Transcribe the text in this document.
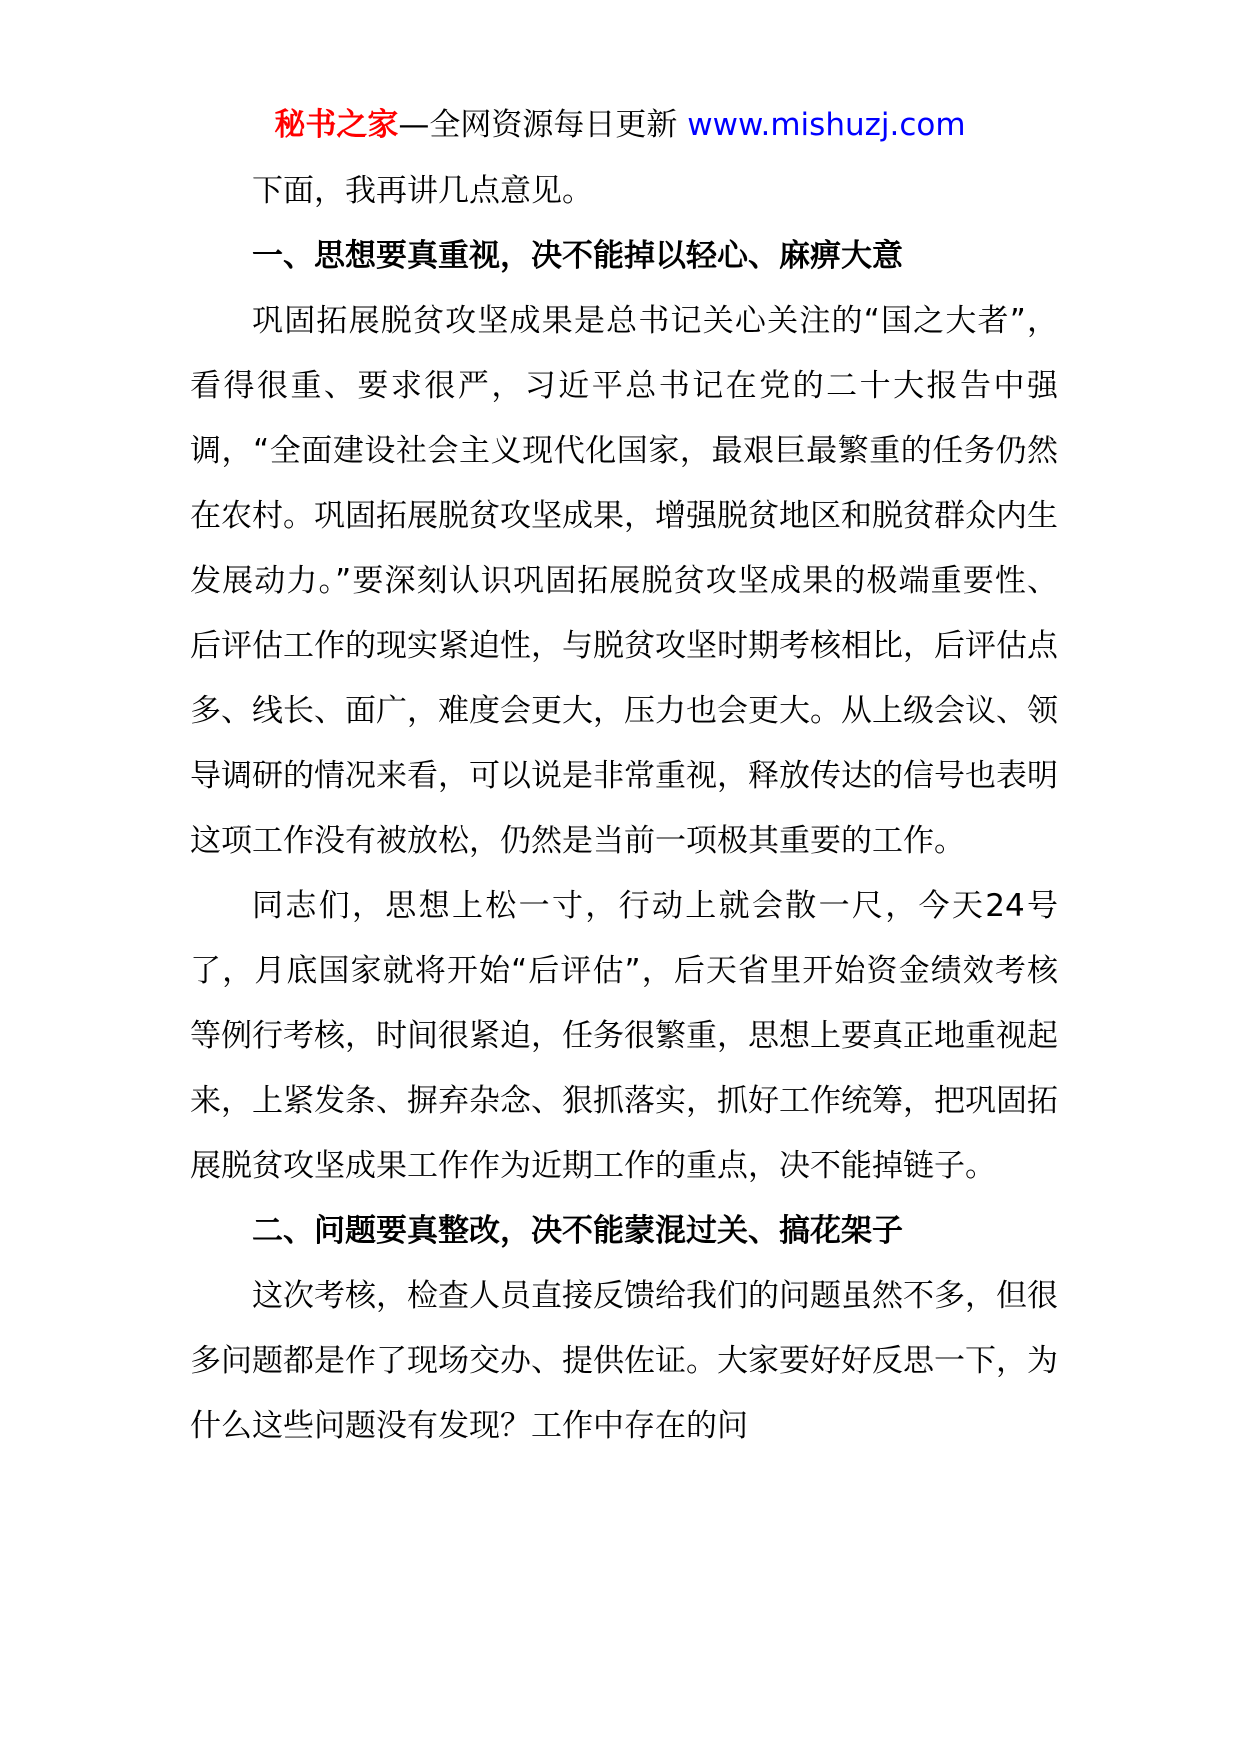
秘书之家—全网资源每日更新 www.mishuzj.com

下面，我再讲几点意见。

一、思想要真重视，决不能掉以轻心、麻痹大意

巩固拓展脱贫攻坚成果是总书记关心关注的“国之大者”，看得很重、要求很严，习近平总书记在党的二十大报告中强调，“全面建设社会主义现代化国家，最艰巨最繁重的任务仍然在农村。巩固拓展脱贫攻坚成果，增强脱贫地区和脱贫群众内生发展动力。”要深刻认识巩固拓展脱贫攻坚成果的极端重要性、后评估工作的现实紧迫性，与脱贫攻坚时期考核相比，后评估点多、线长、面广，难度会更大，压力也会更大。从上级会议、领导调研的情况来看，可以说是非常重视，释放传达的信号也表明这项工作没有被放松，仍然是当前一项极其重要的工作。

同志们，思想上松一寸，行动上就会散一尺，今天24号了，月底国家就将开始“后评估”，后天省里开始资金绩效考核等例行考核，时间很紧迫，任务很繁重，思想上要真正地重视起来，上紧发条、摒弃杂念、狠抓落实，抓好工作统筹，把巩固拓展脱贫攻坚成果工作作为近期工作的重点，决不能掉链子。

二、问题要真整改，决不能蒙混过关、搞花架子

这次考核，检查人员直接反馈给我们的问题虽然不多，但很多问题都是作了现场交办、提供佐证。大家要好好反思一下，为什么这些问题没有发现？工作中存在的问
